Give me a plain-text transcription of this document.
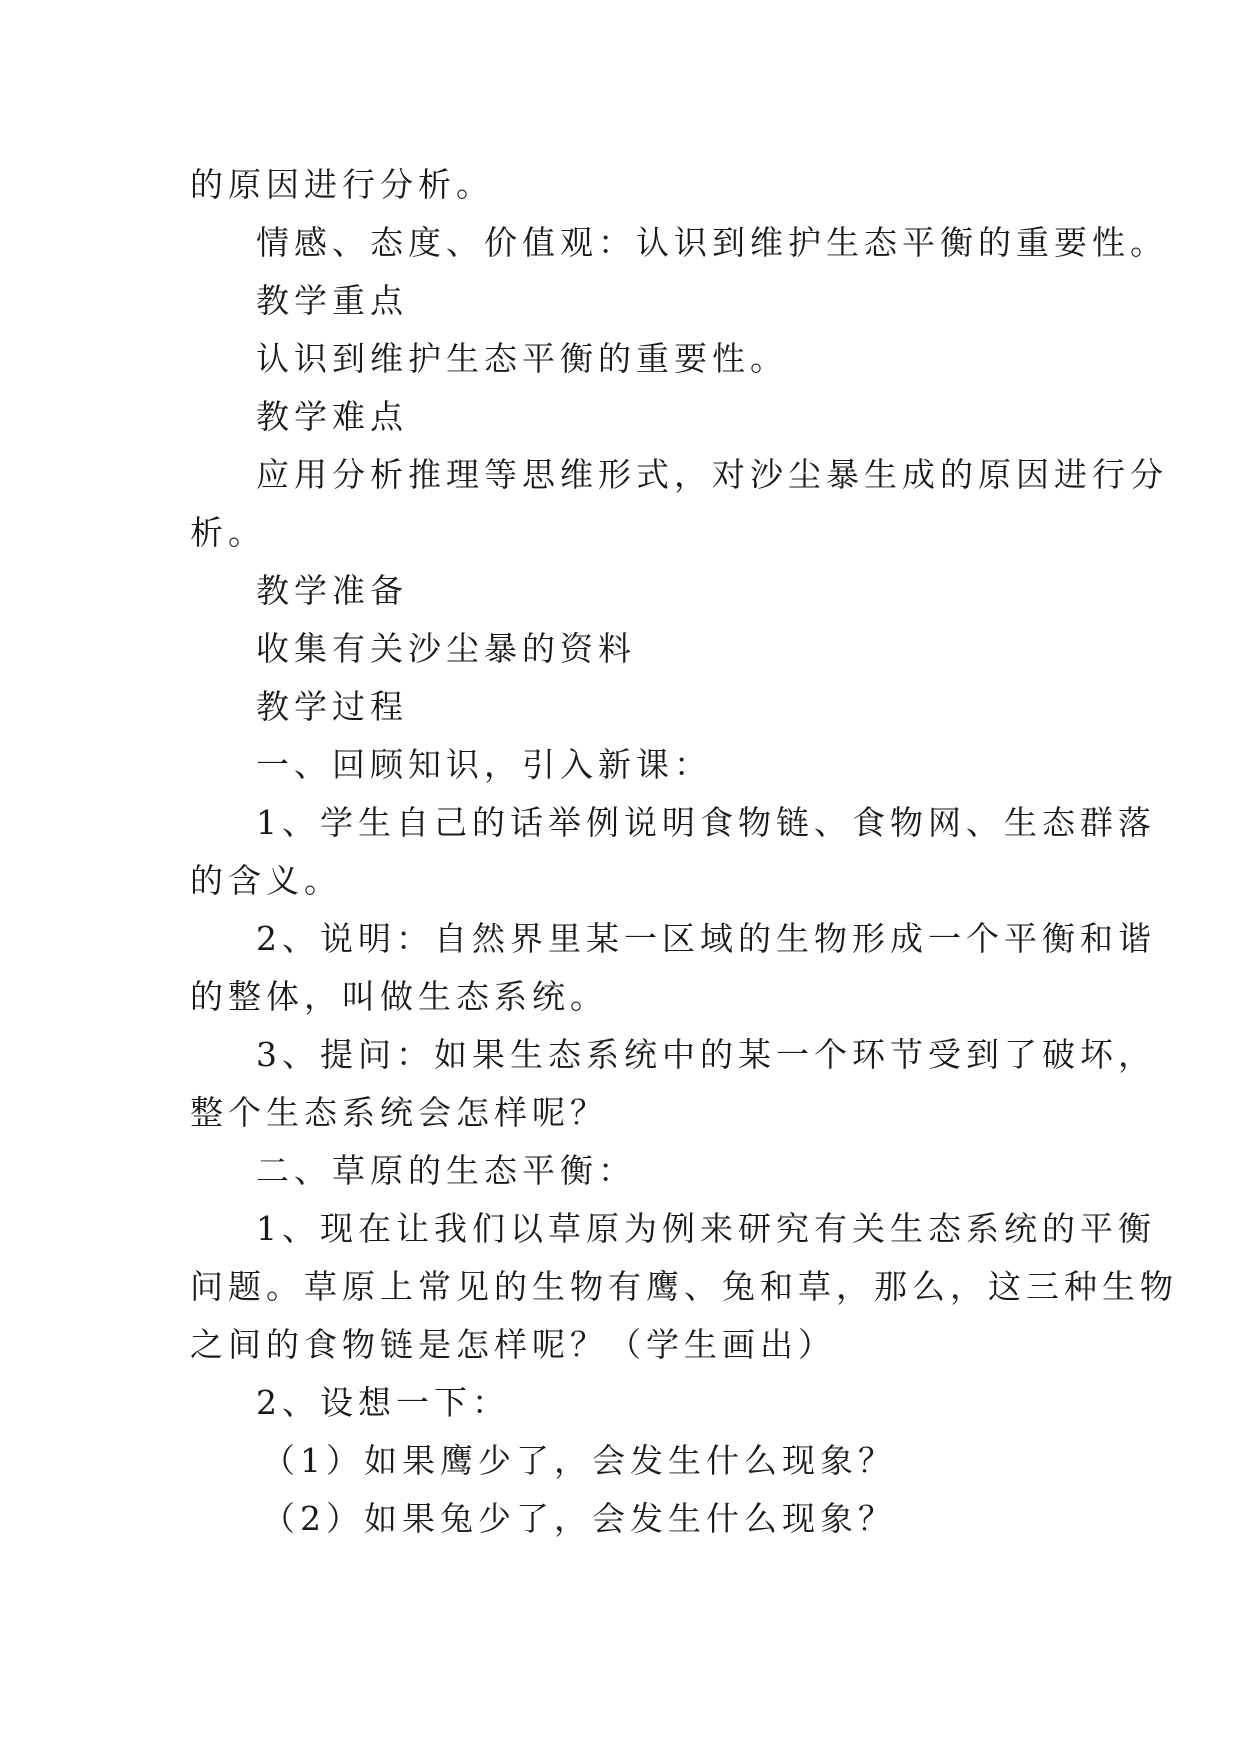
的原因进行分析。
情感、态度、价值观：认识到维护生态平衡的重要性。
教学重点
认识到维护生态平衡的重要性。
教学难点
应用分析推理等思维形式，对沙尘暴生成的原因进行分
析。
教学准备
收集有关沙尘暴的资料
教学过程
一、回顾知识，引入新课：
1、学生自己的话举例说明食物链、食物网、生态群落
的含义。
2、说明：自然界里某一区域的生物形成一个平衡和谐
的整体，叫做生态系统。
3、提问：如果生态系统中的某一个环节受到了破坏，
整个生态系统会怎样呢？
二、草原的生态平衡：
1、现在让我们以草原为例来研究有关生态系统的平衡
问题。草原上常见的生物有鹰、兔和草，那么，这三种生物
之间的食物链是怎样呢？（学生画出）
2、设想一下：
（1）如果鹰少了，会发生什么现象？
（2）如果兔少了，会发生什么现象？
